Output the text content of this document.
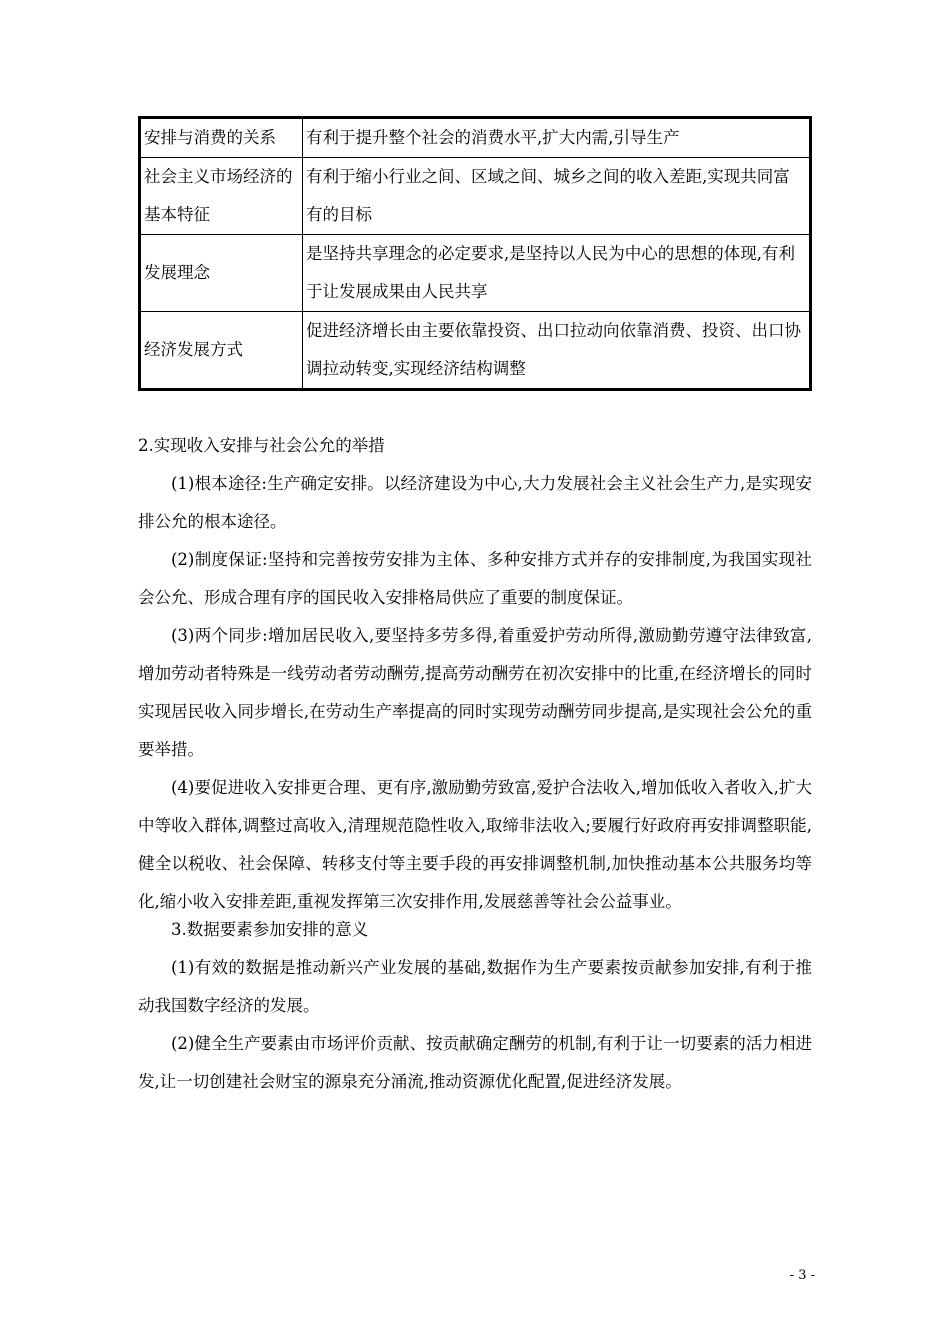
安排与消费的关系	有利于提升整个社会的消费水平,扩大内需,引导生产
社会主义市场经济的基本特征	有利于缩小行业之间、区域之间、城乡之间的收入差距,实现共同富有的目标
发展理念	是坚持共享理念的必定要求,是坚持以人民为中心的思想的体现,有利于让发展成果由人民共享
经济发展方式	促进经济增长由主要依靠投资、出口拉动向依靠消费、投资、出口协调拉动转变,实现经济结构调整

2.实现收入安排与社会公允的举措

(1)根本途径:生产确定安排。以经济建设为中心,大力发展社会主义社会生产力,是实现安排公允的根本途径。

(2)制度保证:坚持和完善按劳安排为主体、多种安排方式并存的安排制度,为我国实现社会公允、形成合理有序的国民收入安排格局供应了重要的制度保证。

(3)两个同步:增加居民收入,要坚持多劳多得,着重爱护劳动所得,激励勤劳遵守法律致富,增加劳动者特殊是一线劳动者劳动酬劳,提高劳动酬劳在初次安排中的比重,在经济增长的同时实现居民收入同步增长,在劳动生产率提高的同时实现劳动酬劳同步提高,是实现社会公允的重要举措。

(4)要促进收入安排更合理、更有序,激励勤劳致富,爱护合法收入,增加低收入者收入,扩大中等收入群体,调整过高收入,清理规范隐性收入,取缔非法收入;要履行好政府再安排调整职能,健全以税收、社会保障、转移支付等主要手段的再安排调整机制,加快推动基本公共服务均等化,缩小收入安排差距,重视发挥第三次安排作用,发展慈善等社会公益事业。

3.数据要素参加安排的意义

(1)有效的数据是推动新兴产业发展的基础,数据作为生产要素按贡献参加安排,有利于推动我国数字经济的发展。

(2)健全生产要素由市场评价贡献、按贡献确定酬劳的机制,有利于让一切要素的活力相进发,让一切创建社会财宝的源泉充分涌流,推动资源优化配置,促进经济发展。

- 3 -
